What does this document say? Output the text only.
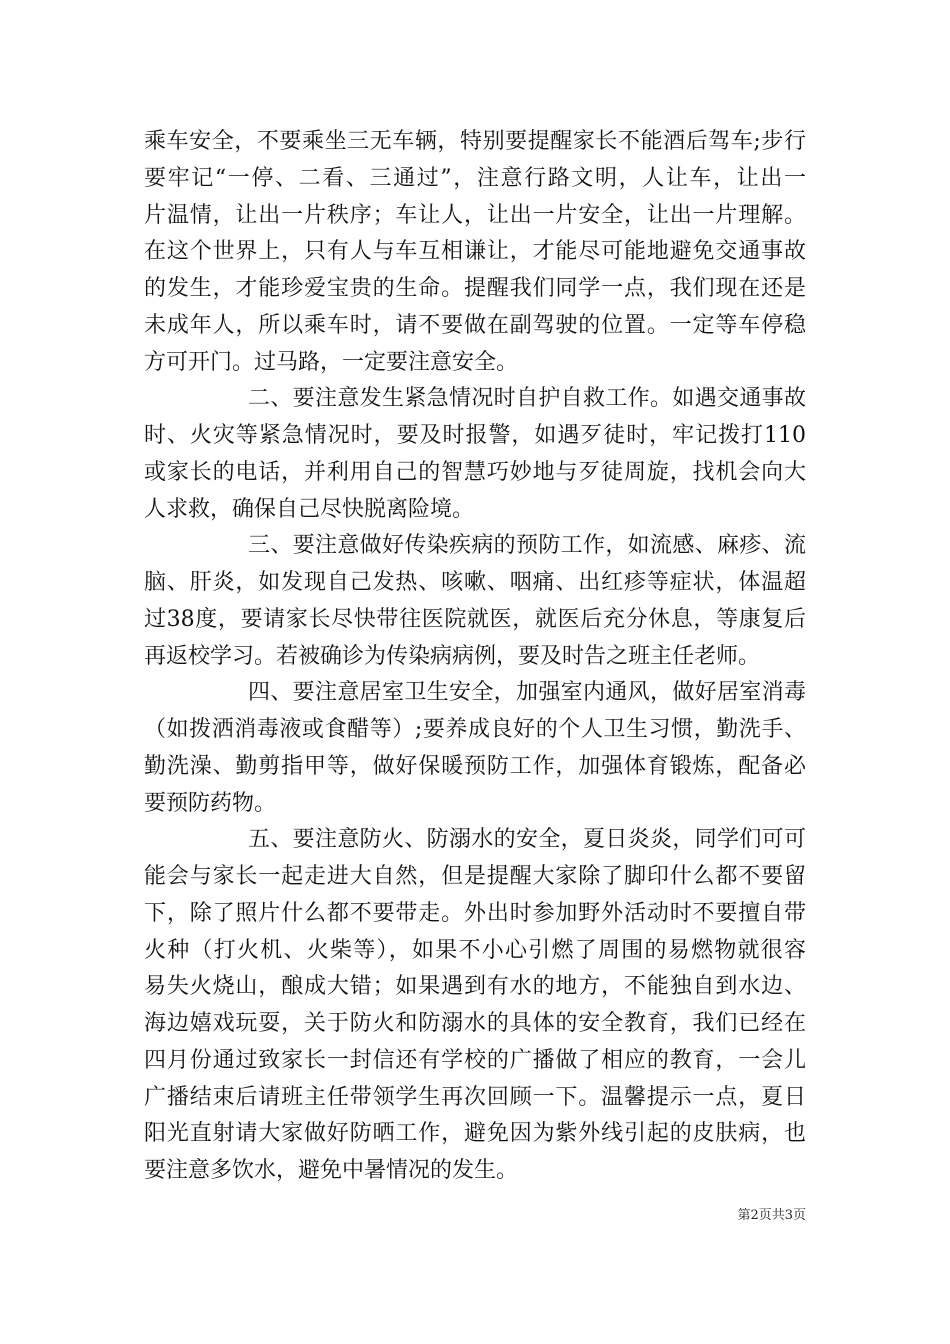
乘车安全，不要乘坐三无车辆，特别要提醒家长不能酒后驾车;步行
要牢记“一停、二看、三通过”，注意行路文明，人让车，让出一
片温情，让出一片秩序；车让人，让出一片安全，让出一片理解。
在这个世界上，只有人与车互相谦让，才能尽可能地避免交通事故
的发生，才能珍爱宝贵的生命。提醒我们同学一点，我们现在还是
未成年人，所以乘车时，请不要做在副驾驶的位置。一定等车停稳
方可开门。过马路，一定要注意安全。
二、要注意发生紧急情况时自护自救工作。如遇交通事故
时、火灾等紧急情况时，要及时报警，如遇歹徒时，牢记拨打110
或家长的电话，并利用自己的智慧巧妙地与歹徒周旋，找机会向大
人求救，确保自己尽快脱离险境。
三、要注意做好传染疾病的预防工作，如流感、麻疹、流
脑、肝炎，如发现自己发热、咳嗽、咽痛、出红疹等症状，体温超
过38度，要请家长尽快带往医院就医，就医后充分休息，等康复后
再返校学习。若被确诊为传染病病例，要及时告之班主任老师。
四、要注意居室卫生安全，加强室内通风，做好居室消毒
（如拨洒消毒液或食醋等）;要养成良好的个人卫生习惯，勤洗手、
勤洗澡、勤剪指甲等，做好保暖预防工作，加强体育锻炼，配备必
要预防药物。
五、要注意防火、防溺水的安全，夏日炎炎，同学们可可
能会与家长一起走进大自然，但是提醒大家除了脚印什么都不要留
下，除了照片什么都不要带走。外出时参加野外活动时不要擅自带
火种（打火机、火柴等），如果不小心引燃了周围的易燃物就很容
易失火烧山，酿成大错；如果遇到有水的地方，不能独自到水边、
海边嬉戏玩耍，关于防火和防溺水的具体的安全教育，我们已经在
四月份通过致家长一封信还有学校的广播做了相应的教育，一会儿
广播结束后请班主任带领学生再次回顾一下。温馨提示一点，夏日
阳光直射请大家做好防晒工作，避免因为紫外线引起的皮肤病，也
要注意多饮水，避免中暑情况的发生。
第2页共3页
